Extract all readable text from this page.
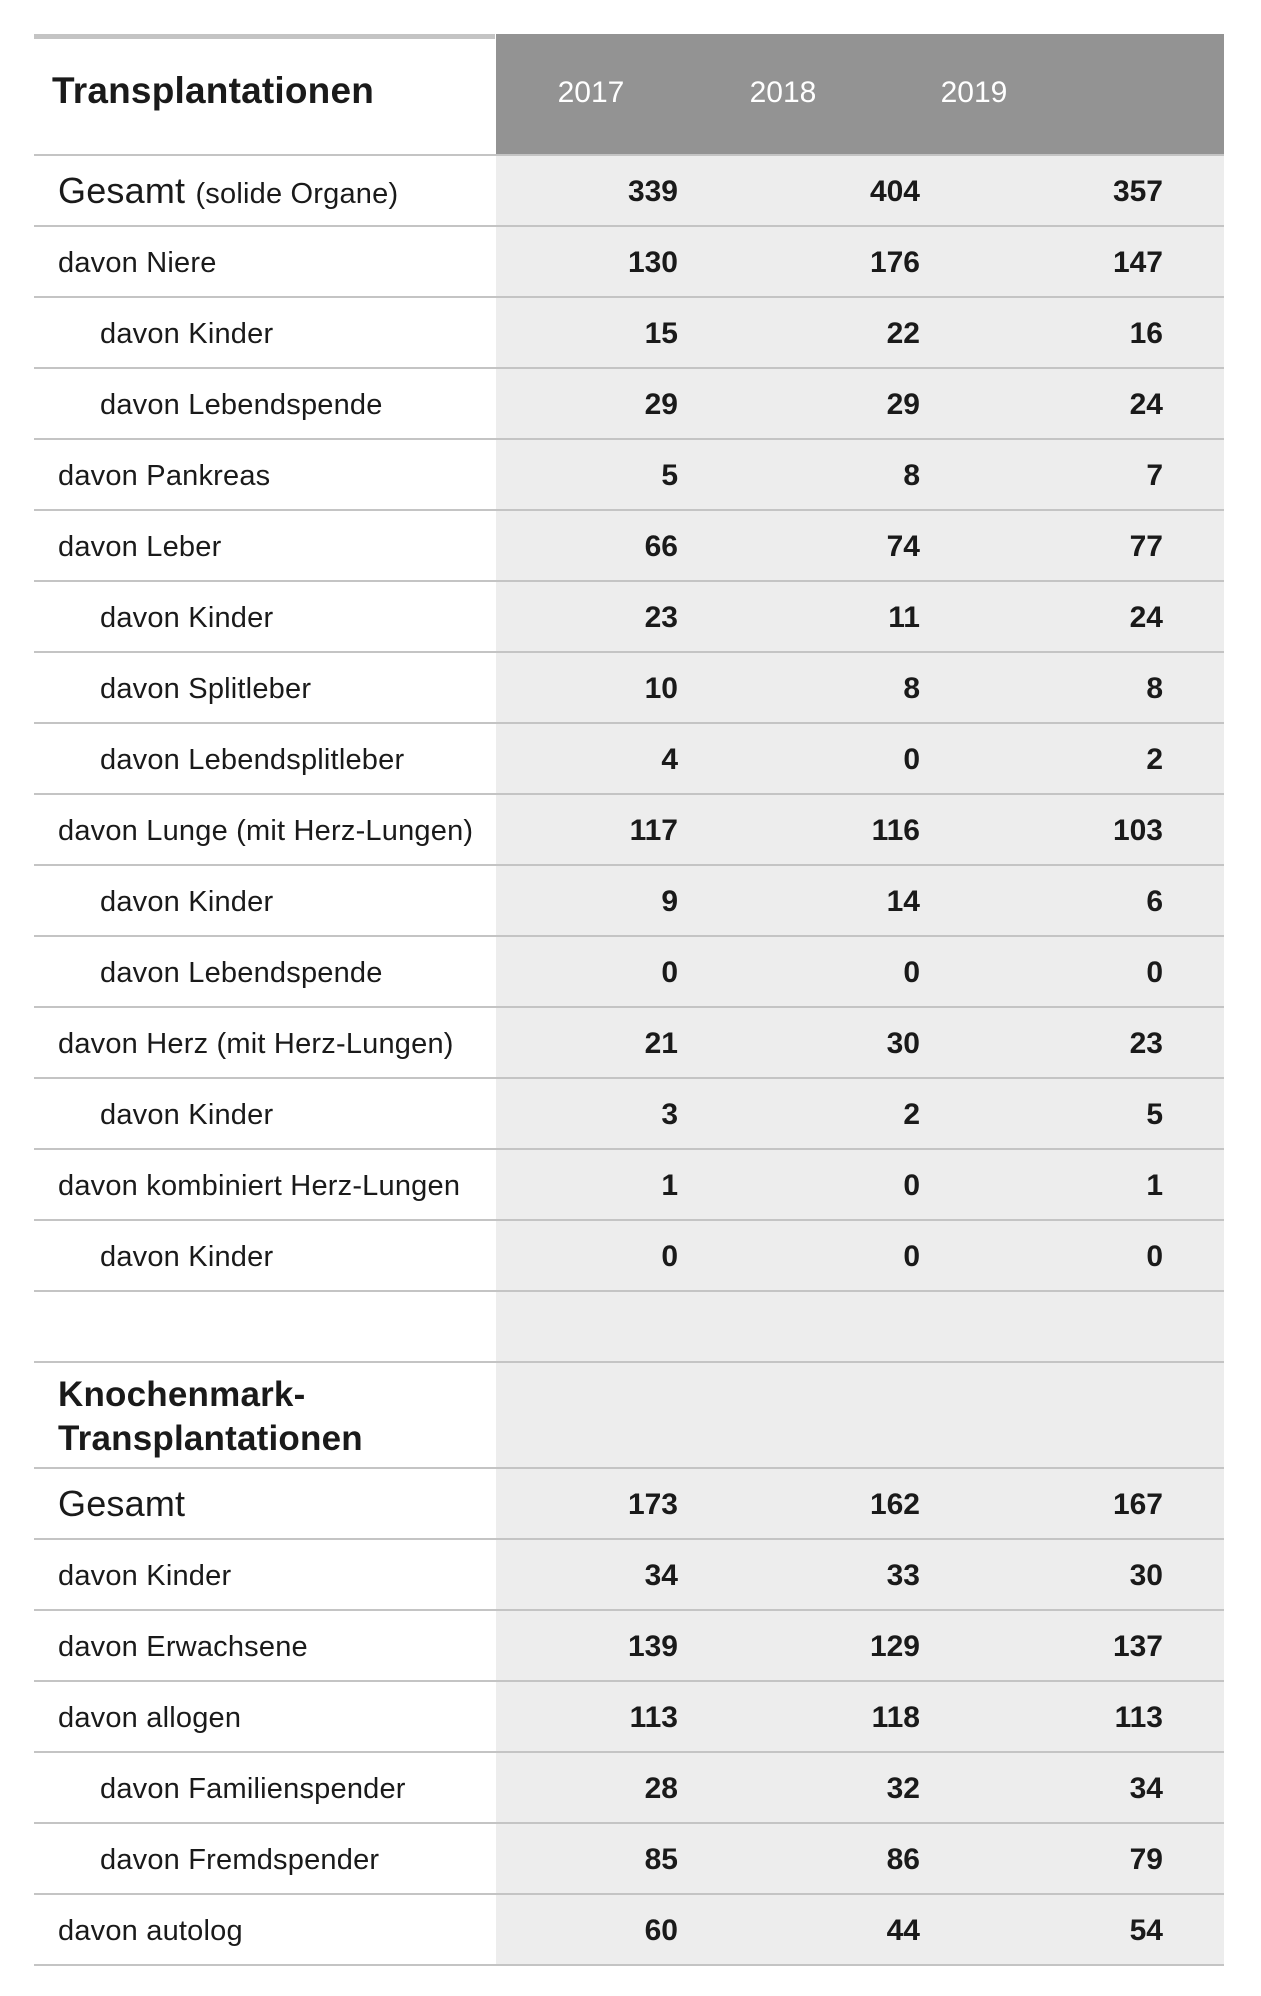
Transplantationen	2017	2018	2019
Gesamt (solide Organe)	339	404	357
davon Niere	130	176	147
davon Kinder	15	22	16
davon Lebendspende	29	29	24
davon Pankreas	5	8	7
davon Leber	66	74	77
davon Kinder	23	11	24
davon Splitleber	10	8	8
davon Lebendsplitleber	4	0	2
davon Lunge (mit Herz-Lungen)	117	116	103
davon Kinder	9	14	6
davon Lebendspende	0	0	0
davon Herz (mit Herz-Lungen)	21	30	23
davon Kinder	3	2	5
davon kombiniert Herz-Lungen	1	0	1
davon Kinder	0	0	0
Knochenmark-Transplantationen
Gesamt	173	162	167
davon Kinder	34	33	30
davon Erwachsene	139	129	137
davon allogen	113	118	113
davon Familienspender	28	32	34
davon Fremdspender	85	86	79
davon autolog	60	44	54
